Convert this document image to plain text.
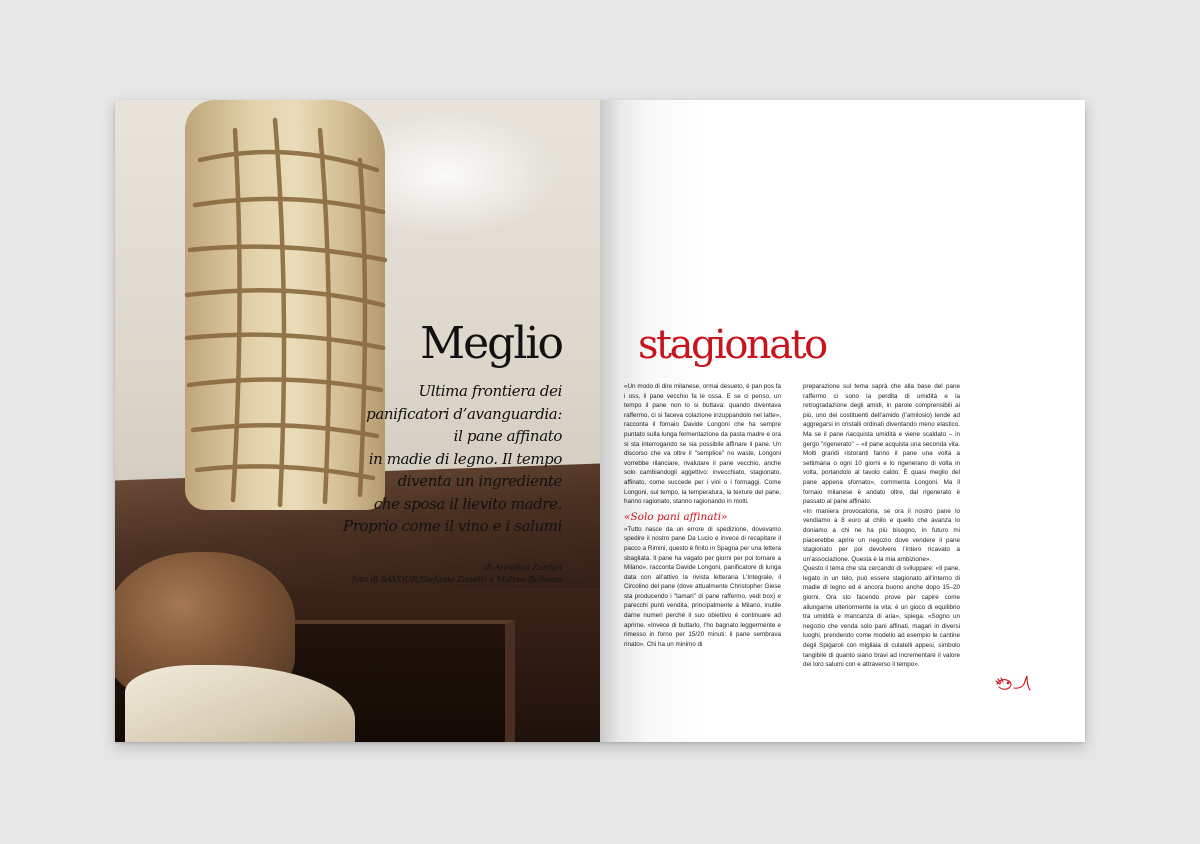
Meglio

Ultima frontiera dei
panificatori d’avanguardia:
il pane affinato
in madie di legno. Il tempo
diventa un ingrediente
che sposa il lievito madre.
Proprio come il vino e i salumi

di Annalisa Zordan

foto di SAVOUR/Stefania Zanetti e Matteo Bellomo

stagionato

«Un modo di dire milanese, ormai desueto, è pan pos fa i oss, il pane vecchio fa le ossa. E se ci penso, un tempo il pane non lo si buttava: quando diventava raffermo, ci si faceva colazione inzuppandolo nel latte», racconta il fornaio Davide Longoni che ha sempre puntato sulla lunga fermentazione da pasta madre e ora si sta interrogando se sia possibile affinare il pane. Un discorso che va oltre il "semplice" no waste, Longoni vorrebbe rilanciare, rivalutare il pane vecchio, anche solo cambiandogli aggettivo: invecchiato, stagionato, affinato, come succede per i vini o i formaggi. Come Longoni, sul tempo, la temperatura, la texture del pane, hanno ragionato, stanno ragionando in molti.

«Solo pani affinati»

«Tutto nasce da un errore di spedizione, dovevamo spedire il nostro pane Da Lucio e invece di recapitare il pacco a Rimini, questo è finito in Spagna per una lettera sbagliata. Il pane ha vagato per giorni per poi tornare a Milano», racconta Davide Longoni, panificatore di lunga data con all’attivo la rivista letteraria L’Integrale, il Circolino del pane (dove attualmente Christopher Giese sta producendo i "tamari" di pane raffermo, vedi box) e parecchi punti vendita, principalmente a Milano, inutile darne numeri perché il suo obiettivo è continuare ad aprirne. «Invece di buttarlo, l’ho bagnato leggermente e rimesso in forno per 15/20 minuti: il pane sembrava rinato». Chi ha un minimo di

preparazione sul tema saprà che alla base del pane raffermo ci sono la perdita di umidità e la retrogradazione degli amidi, in parole comprensibili ai più, uno dei costituenti dell’amido (l’amilosio) tende ad aggregarsi in cristalli ordinati diventando meno elastico. Ma se il pane riacquista umidità e viene scaldato – in gergo "rigenerato" – «il pane acquista una seconda vita. Molti grandi ristoranti fanno il pane una volta a settimana o ogni 10 giorni e lo rigenerano di volta in volta, portandolo al tavolo caldo. È quasi meglio del pane appena sfornato», commenta Longoni. Ma il fornaio milanese è andato oltre, dal rigenerato è passato al pane affinato.

«In maniera provocatoria, se ora il nostro pane lo vendiamo a 8 euro al chilo e quello che avanza lo doniamo a chi ne ha più bisogno, in futuro mi piacerebbe aprire un negozio dove vendere il pane stagionato per poi devolvere l’intero ricavato a un’associazione. Questa è la mia ambizione».

Questo il tema che sta cercando di sviluppare: «Il pane, legato in un telo, può essere stagionato all’interno di madie di legno ed è ancora buono anche dopo 15–20 giorni. Ora sto facendo prove per capire come allungarne ulteriormente la vita: è un gioco di equilibrio tra umidità e mancanza di aria», spiega. «Sogno un negozio che venda solo pani affinati, magari in diversi luoghi, prendendo come modello ad esempio le cantine degli Spigaroli con migliaia di culatelli appesi, simbolo tangibile di quanto siano bravi ad incrementare il valore dei loro salumi con e attraverso il tempo».
